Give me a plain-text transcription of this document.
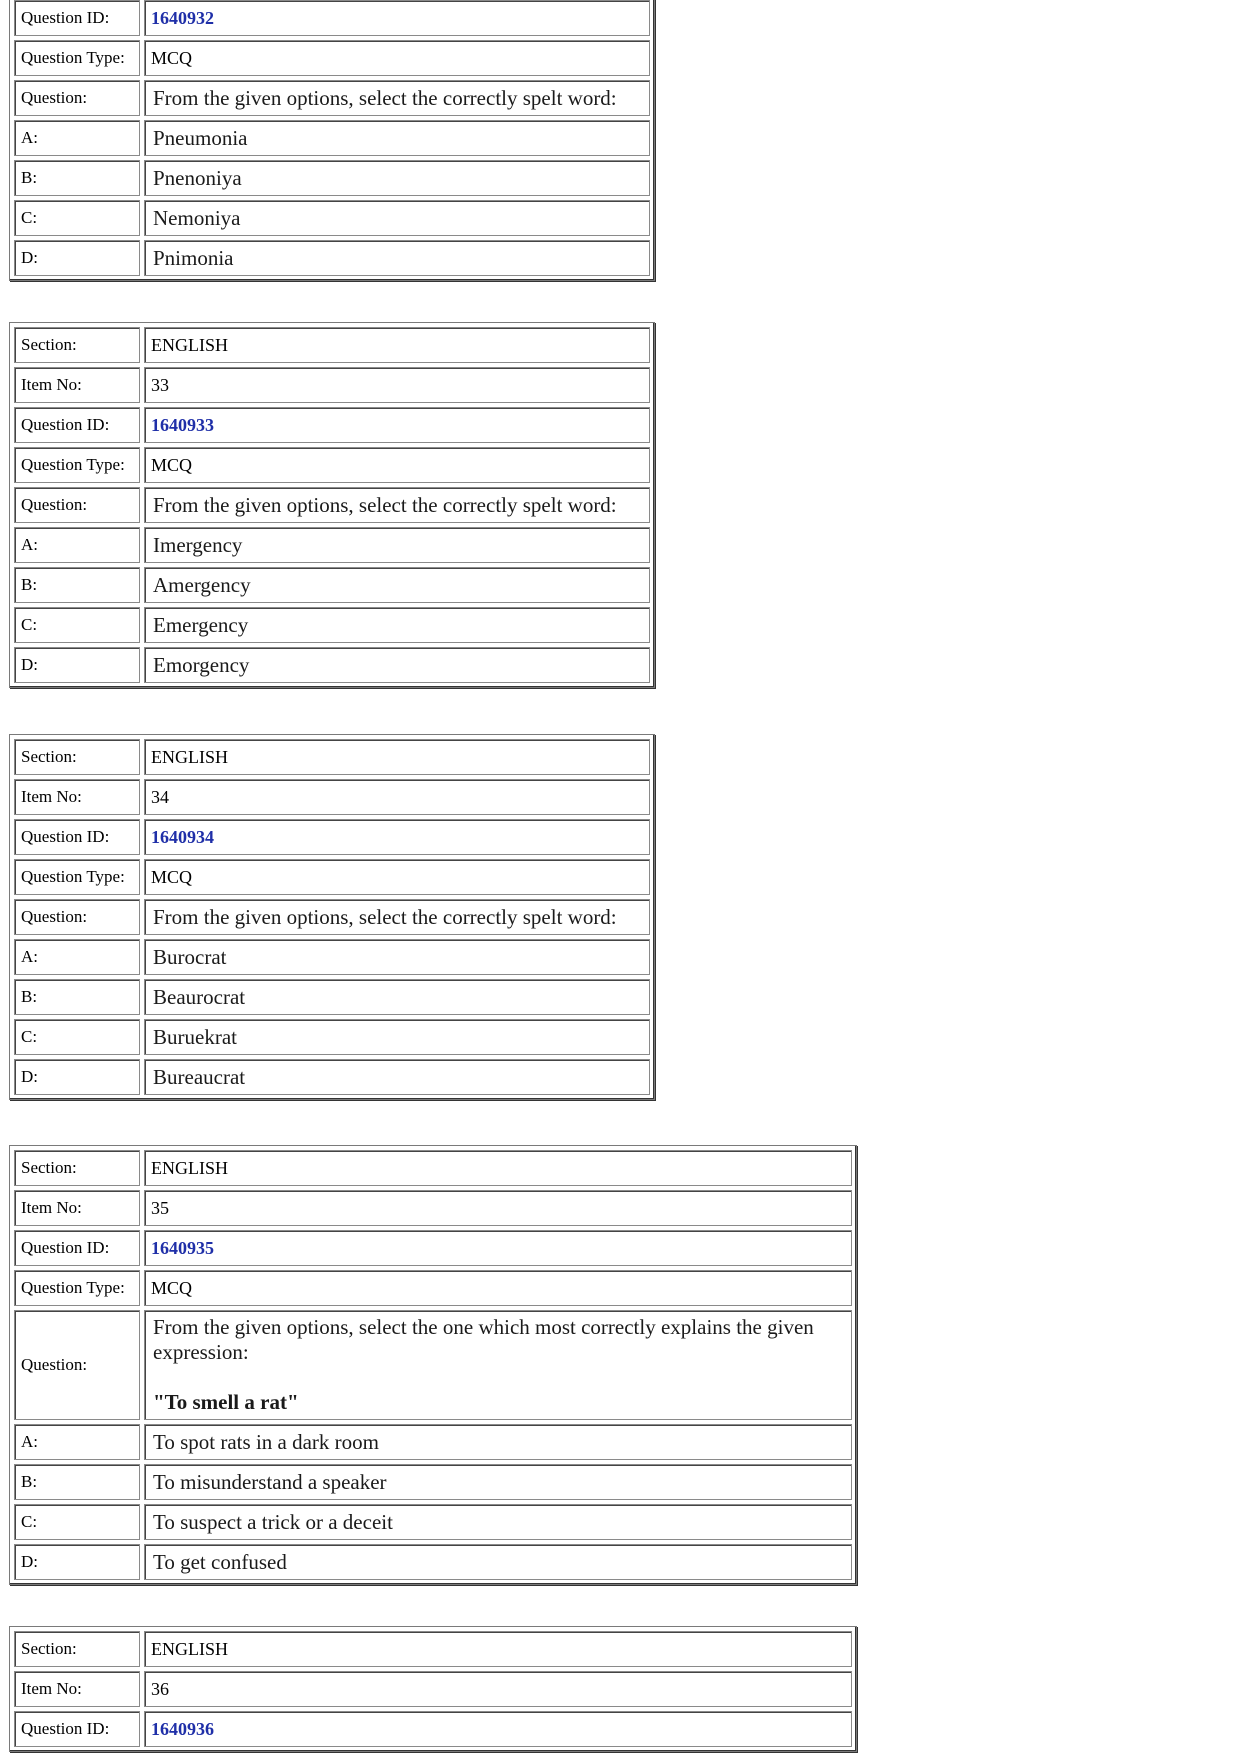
Question ID:	1640932
Question Type:	MCQ
Question:	From the given options, select the correctly spelt word:
A:	Pneumonia
B:	Pnenoniya
C:	Nemoniya
D:	Pnimonia
Section:	ENGLISH
Item No:	33
Question ID:	1640933
Question Type:	MCQ
Question:	From the given options, select the correctly spelt word:
A:	Imergency
B:	Amergency
C:	Emergency
D:	Emorgency
Section:	ENGLISH
Item No:	34
Question ID:	1640934
Question Type:	MCQ
Question:	From the given options, select the correctly spelt word:
A:	Burocrat
B:	Beaurocrat
C:	Buruekrat
D:	Bureaucrat
Section:	ENGLISH
Item No:	35
Question ID:	1640935
Question Type:	MCQ
Question:	From the given options, select the one which most correctly explains the given expression:
"To smell a rat"

A:	To spot rats in a dark room
B:	To misunderstand a speaker
C:	To suspect a trick or a deceit
D:	To get confused
Section:	ENGLISH
Item No:	36
Question ID:	1640936
